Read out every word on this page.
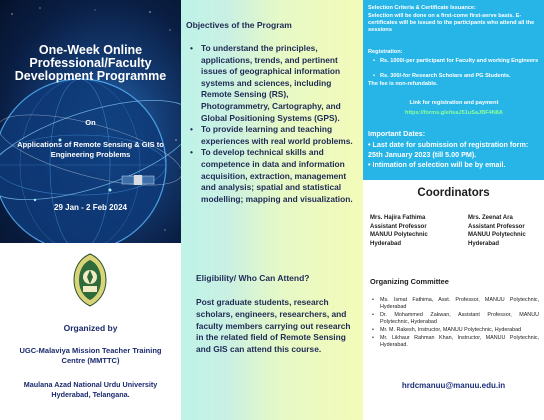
One-Week Online
Professional/Faculty
Development Programme
On
Applications of Remote Sensing & GIS to Engineering Problems
29 Jan - 2 Feb 2024
Organized by
UGC-Malaviya Mission Teacher Training Centre (MMTTC)
Maulana Azad National Urdu University Hyderabad, Telangana.
Objectives of the Program
• To understand the principles, applications, trends, and pertinent issues of geographical information systems and sciences, including Remote Sensing (RS), Photogrammetry, Cartography, and Global Positioning Systems (GPS).
• To provide learning and teaching experiences with real world problems.
• To develop technical skills and competence in data and information acquisition, extraction, management and analysis; spatial and statistical modelling; mapping and visualization.
Eligibility/ Who Can Attend?
Post graduate students, research scholars, engineers, researchers, and faculty members carrying out research in the related field of Remote Sensing and GIS can attend this course.
Selection Criteria & Certificate Issuance:
Selection will be done on a first-come first-serve basis. E-certificates will be issued to the participants who attend all the sessions
Registration:
• Rs. 1000/-per participant for Faculty and working Engineers
• Rs. 300/-for Research Scholars and PG Students.
The fee is non-refundable.
Link for registration and payment
https://forms.gle/teaJ51uSaJBF4N8A
Important Dates:
• Last date for submission of registration form: 25th January 2023 (till 5.00 PM).
• Intimation of selection will be by email.
Coordinators
Mrs. Hajira Fathima
Assistant Professor
MANUU Polytechnic
Hyderabad
Mrs. Zeenat Ara
Assistant Professor
MANUU Polytechnic
Hyderabad
Organizing Committee
• Ms. Ismat Fathima, Asst. Professor, MANUU Polytechnic, Hyderabad
• Dr. Mohammed Zakwan, Assistant Professor, MANUU Polytechnic, Hyderabad
• Mr. M. Rakesh, Instructor, MANUU Polytechnic, Hyderabad
• Mr. Likhaur Rahman Khan, Instructor, MANUU Polytechnic, Hyderabad.
hrdcmanuu@manuu.edu.in
